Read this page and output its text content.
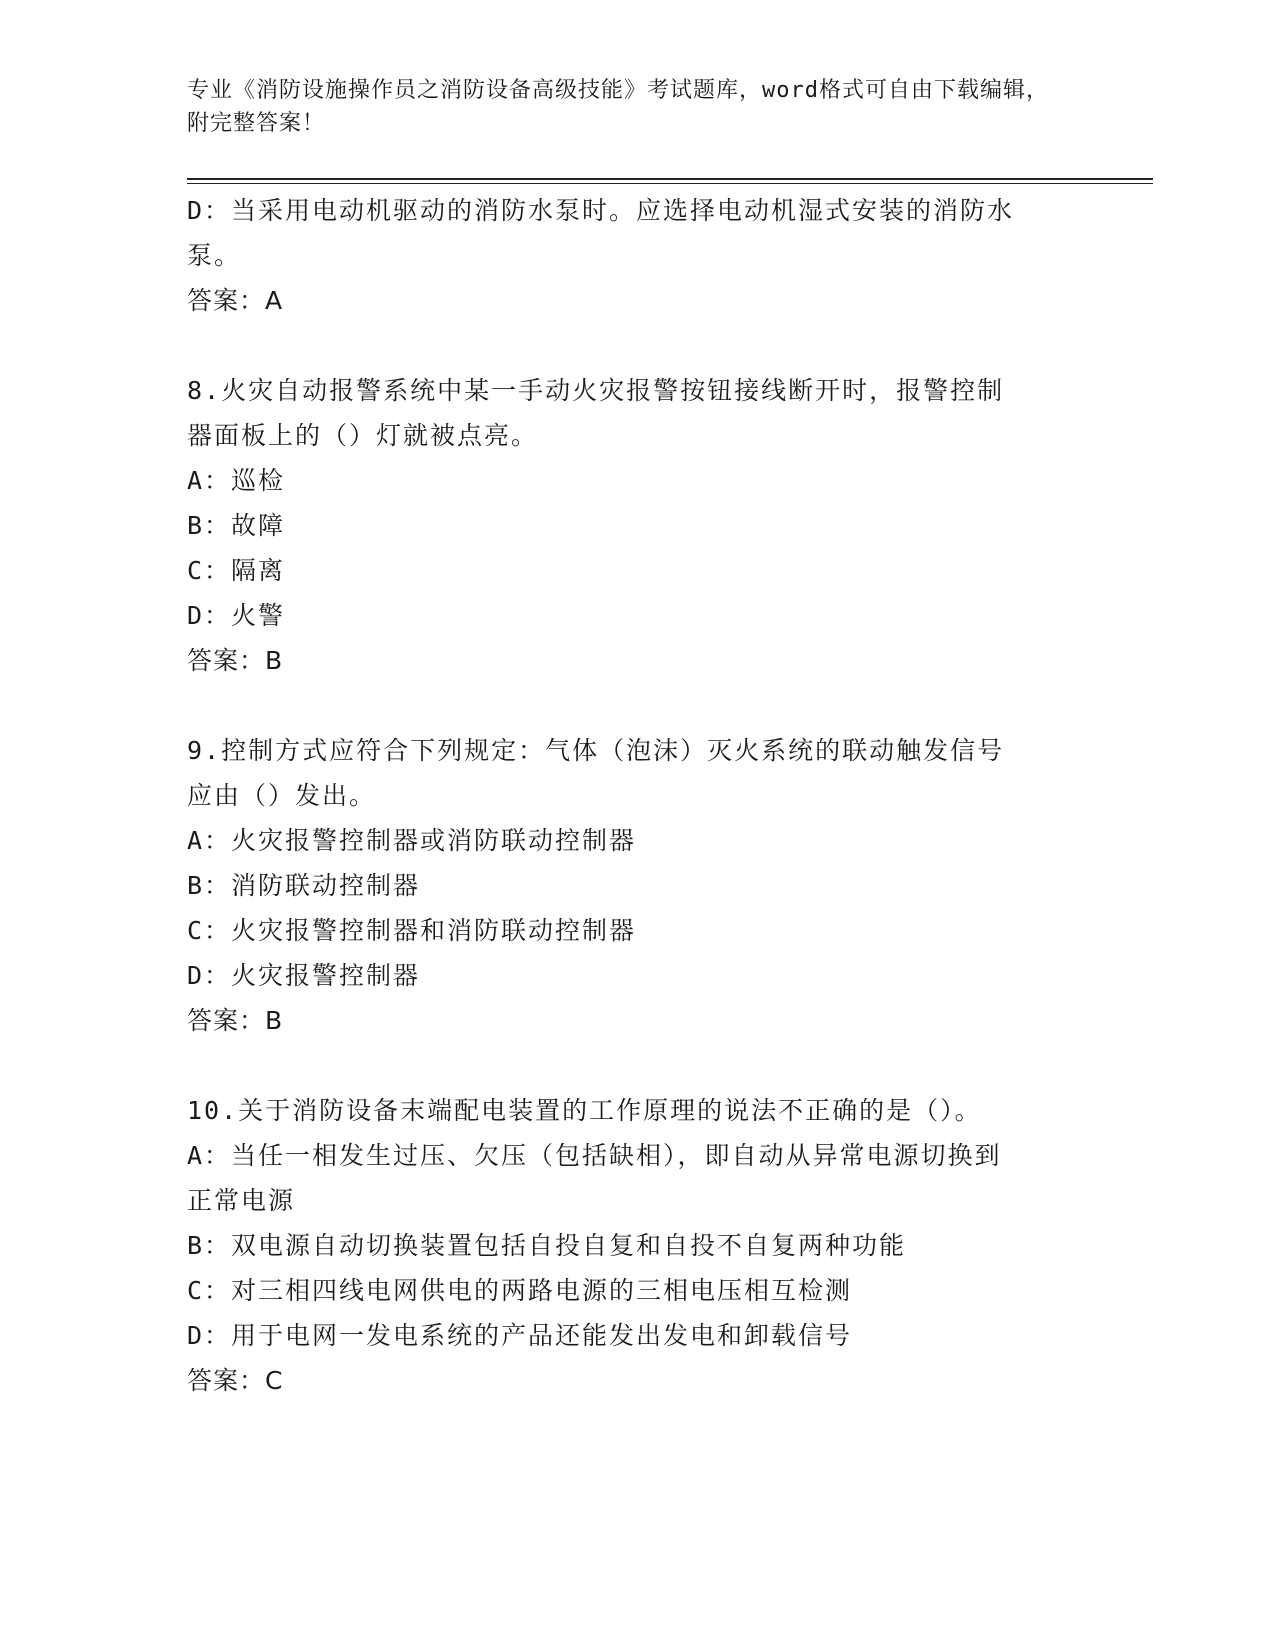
专业《消防设施操作员之消防设备高级技能》考试题库，word格式可自由下载编辑，附完整答案！
D：当采用电动机驱动的消防水泵时。应选择电动机湿式安装的消防水
泵。
答案：A
8.火灾自动报警系统中某一手动火灾报警按钮接线断开时，报警控制
器面板上的（）灯就被点亮。
A：巡检
B：故障
C：隔离
D：火警
答案：B
9.控制方式应符合下列规定：气体（泡沫）灭火系统的联动触发信号
应由（）发出。
A：火灾报警控制器或消防联动控制器
B：消防联动控制器
C：火灾报警控制器和消防联动控制器
D：火灾报警控制器
答案：B
10.关于消防设备末端配电装置的工作原理的说法不正确的是（）。
A：当任一相发生过压、欠压（包括缺相），即自动从异常电源切换到
正常电源
B：双电源自动切换装置包括自投自复和自投不自复两种功能
C：对三相四线电网供电的两路电源的三相电压相互检测
D：用于电网一发电系统的产品还能发出发电和卸载信号
答案：C
